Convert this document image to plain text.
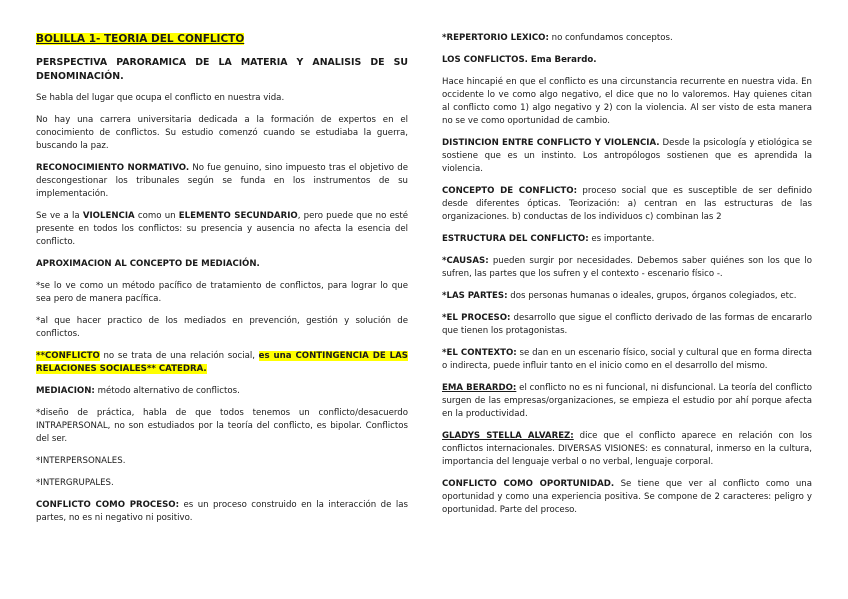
BOLILLA 1- TEORIA DEL CONFLICTO

PERSPECTIVA PARORAMICA DE LA MATERIA Y ANALISIS DE SU DENOMINACIÓN.

Se habla del lugar que ocupa el conflicto en nuestra vida.

No hay una carrera universitaria dedicada a la formación de expertos en el conocimiento de conflictos. Su estudio comenzó cuando se estudiaba la guerra, buscando la paz.

RECONOCIMIENTO NORMATIVO. No fue genuino, sino impuesto tras el objetivo de descongestionar los tribunales según se funda en los instrumentos de su implementación.

Se ve a la VIOLENCIA como un ELEMENTO SECUNDARIO, pero puede que no esté presente en todos los conflictos: su presencia y ausencia no afecta la esencia del conflicto.

APROXIMACION AL CONCEPTO DE MEDIACIÓN.

*se lo ve como un método pacífico de tratamiento de conflictos, para lograr lo que sea pero de manera pacífica.

*al que hacer practico de los mediados en prevención, gestión y solución de conflictos.

**CONFLICTO no se trata de una relación social, es una CONTINGENCIA DE LAS RELACIONES SOCIALES** CATEDRA.

MEDIACION: método alternativo de conflictos.

*diseño de práctica, habla de que todos tenemos un conflicto/desacuerdo INTRAPERSONAL, no son estudiados por la teoría del conflicto, es bipolar. Conflictos del ser.

*INTERPERSONALES.

*INTERGRUPALES.

CONFLICTO COMO PROCESO: es un proceso construido en la interacción de las partes, no es ni negativo ni positivo.

*REPERTORIO LEXICO: no confundamos conceptos.

LOS CONFLICTOS. Ema Berardo.

Hace hincapié en que el conflicto es una circunstancia recurrente en nuestra vida. En occidente lo ve como algo negativo, el dice que no lo valoremos. Hay quienes citan al conflicto como 1) algo negativo y 2) con la violencia. Al ser visto de esta manera no se ve como oportunidad de cambio.

DISTINCION ENTRE CONFLICTO Y VIOLENCIA. Desde la psicología y etiológica se sostiene que es un instinto. Los antropólogos sostienen que es aprendida la violencia.

CONCEPTO DE CONFLICTO: proceso social que es susceptible de ser definido desde diferentes ópticas. Teorización: a) centran en las estructuras de las organizaciones. b) conductas de los individuos c) combinan las 2

ESTRUCTURA DEL CONFLICTO: es importante.

*CAUSAS: pueden surgir por necesidades. Debemos saber quiénes son los que lo sufren, las partes que los sufren y el contexto - escenario físico -.

*LAS PARTES: dos personas humanas o ideales, grupos, órganos colegiados, etc.

*EL PROCESO: desarrollo que sigue el conflicto derivado de las formas de encararlo que tienen los protagonistas.

*EL CONTEXTO: se dan en un escenario físico, social y cultural que en forma directa o indirecta, puede influir tanto en el inicio como en el desarrollo del mismo.

EMA BERARDO: el conflicto no es ni funcional, ni disfuncional. La teoría del conflicto surgen de las empresas/organizaciones, se empieza el estudio por ahí porque afecta en la productividad.

GLADYS STELLA ALVAREZ: dice que el conflicto aparece en relación con los conflictos internacionales. DIVERSAS VISIONES: es connatural, inmerso en la cultura, importancia del lenguaje verbal o no verbal, lenguaje corporal.

CONFLICTO COMO OPORTUNIDAD. Se tiene que ver al conflicto como una oportunidad y como una experiencia positiva. Se compone de 2 caracteres: peligro y oportunidad. Parte del proceso.
